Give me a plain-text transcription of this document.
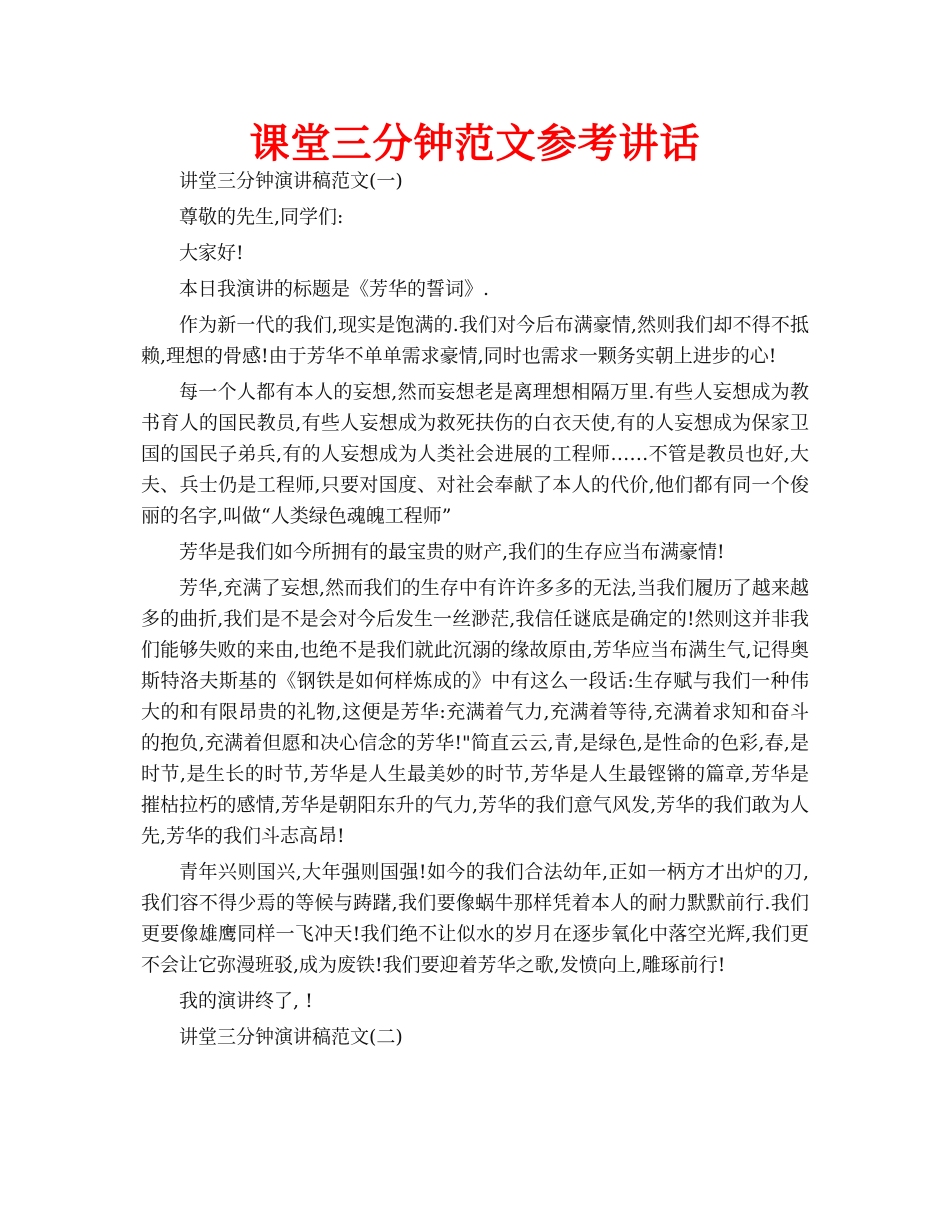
课堂三分钟范文参考讲话

讲堂三分钟演讲稿范文(一)

尊敬的先生,同学们:

大家好!

本日我演讲的标题是《芳华的誓词》.

作为新一代的我们,现实是饱满的.我们对今后布满豪情,然则我们却不得不抵赖,理想的骨感!由于芳华不单单需求豪情,同时也需求一颗务实朝上进步的心!

每一个人都有本人的妄想,然而妄想老是离理想相隔万里.有些人妄想成为教书育人的国民教员,有些人妄想成为救死扶伤的白衣天使,有的人妄想成为保家卫国的国民子弟兵,有的人妄想成为人类社会进展的工程师……不管是教员也好,大夫、兵士仍是工程师,只要对国度、对社会奉献了本人的代价,他们都有同一个俊丽的名字,叫做“人类绿色魂魄工程师”

芳华是我们如今所拥有的最宝贵的财产,我们的生存应当布满豪情!

芳华,充满了妄想,然而我们的生存中有许许多多的无法,当我们履历了越来越多的曲折,我们是不是会对今后发生一丝渺茫,我信任谜底是确定的!然则这并非我们能够失败的来由,也绝不是我们就此沉溺的缘故原由,芳华应当布满生气,记得奥斯特洛夫斯基的《钢铁是如何样炼成的》中有这么一段话:生存赋与我们一种伟大的和有限昂贵的礼物,这便是芳华:充满着气力,充满着等待,充满着求知和奋斗的抱负,充满着但愿和决心信念的芳华!"简直云云,青,是绿色,是性命的色彩,春,是时节,是生长的时节,芳华是人生最美妙的时节,芳华是人生最铿锵的篇章,芳华是摧枯拉朽的感情,芳华是朝阳东升的气力,芳华的我们意气风发,芳华的我们敢为人先,芳华的我们斗志高昂!

青年兴则国兴,大年强则国强!如今的我们合法幼年,正如一柄方才出炉的刀,我们容不得少焉的等候与踌躇,我们要像蜗牛那样凭着本人的耐力默默前行.我们更要像雄鹰同样一飞冲天!我们绝不让似水的岁月在逐步氧化中落空光辉,我们更不会让它弥漫班驳,成为废铁!我们要迎着芳华之歌,发愤向上,雕琢前行!

我的演讲终了, !

讲堂三分钟演讲稿范文(二)
